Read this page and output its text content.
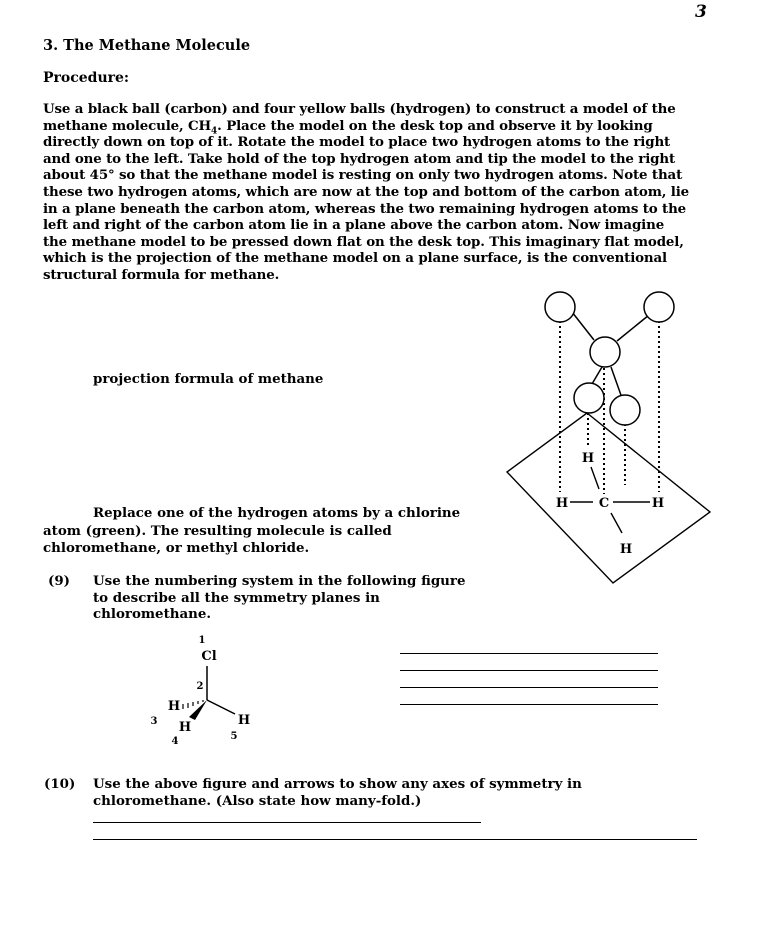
3
3. The Methane Molecule
Procedure:
Use a black ball (carbon) and four yellow balls (hydrogen) to construct a model of the
methane molecule, $CH_4$. Place the model on the desk top and observe it by looking
directly down on top of it. Rotate the model to place two hydrogen atoms to the right
and one to the left. Take hold of the top hydrogen atom and tip the model to the right
about 45° so that the methane model is resting on only two hydrogen atoms. Note that
these two hydrogen atoms, which are now at the top and bottom of the carbon atom, lie
in a plane beneath the carbon atom, whereas the two remaining hydrogen atoms to the
left and right of the carbon atom lie in a plane above the carbon atom. Now imagine
the methane model to be pressed down flat on the desk top. This imaginary flat model,
which is the projection of the methane model on a plane surface, is the conventional
structural formula for methane.
projection formula of methane
H
H C	H
H
Replace one of the hydrogen atoms by a chlorine
atom (green). The resulting molecule is called
chloromethane, or methyl chloride.
(9) Use the numbering system in the following figure
to describe all the symmetry planes in
chloromethane.
1
Cl
2
H
3 H
4
H
5
(10) Use the above figure and arrows to show any axes of symmetry in
chloromethane. (Also state how many-fold.)
